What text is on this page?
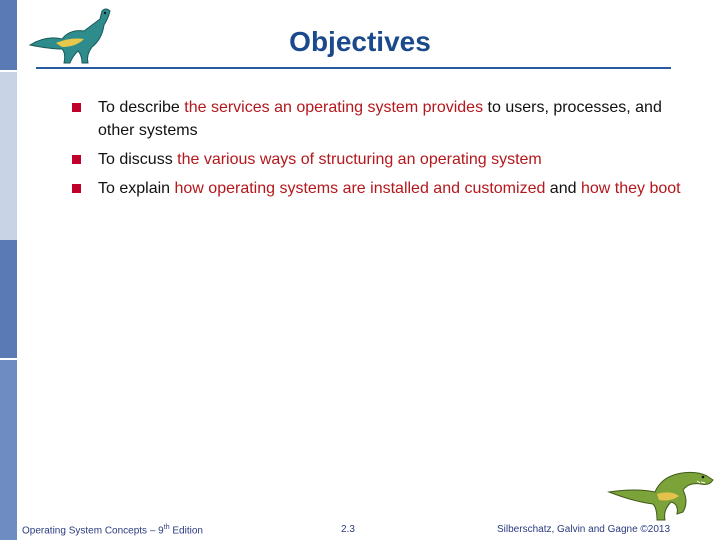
Objectives
To describe the services an operating system provides to users, processes, and other systems
To discuss the various ways of structuring an operating system
To explain how operating systems are installed and customized and how they boot
Operating System Concepts – 9th Edition	2.3	Silberschatz, Galvin and Gagne ©2013
